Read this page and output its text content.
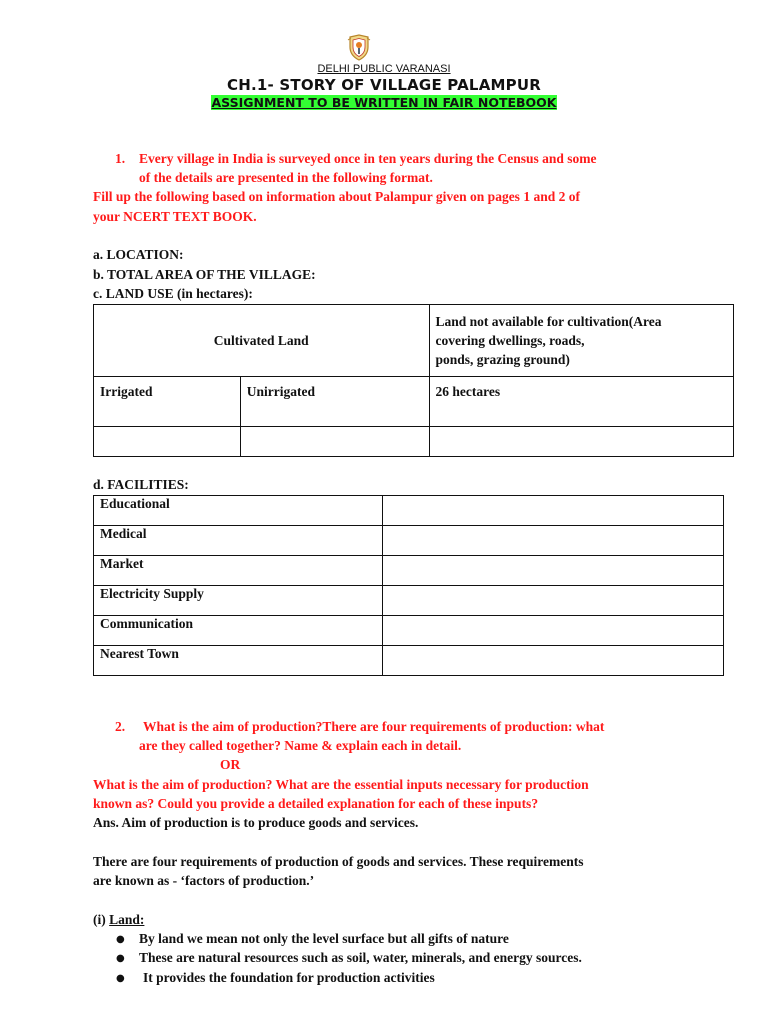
DELHI PUBLIC VARANASI
CH.1- STORY OF VILLAGE PALAMPUR
ASSIGNMENT TO BE WRITTEN IN FAIR NOTEBOOK
1. Every village in India is surveyed once in ten years during the Census and some
of the details are presented in the following format.
Fill up the following based on information about Palampur given on pages 1 and 2 of
your NCERT TEXT BOOK.
a. LOCATION:
b. TOTAL AREA OF THE VILLAGE:
c. LAND USE (in hectares):
Cultivated Land		Land not available for cultivation(Area
covering dwellings, roads,
ponds, grazing ground)

Irrigated	Unirrigated	26 hectares

d. FACILITIES:
Educational	
Medical	
Market	
Electricity Supply	
Communication	
Nearest Town	
2. What is the aim of production?There are four requirements of production: what
are they called together? Name & explain each in detail.
OR
What is the aim of production? What are the essential inputs necessary for production
known as? Could you provide a detailed explanation for each of these inputs?
Ans. Aim of production is to produce goods and services.
There are four requirements of production of goods and services. These requirements
are known as - ‘factors of production.’
(i) Land:
● By land we mean not only the level surface but all gifts of nature
● These are natural resources such as soil, water, minerals, and energy sources.
● It provides the foundation for production activities
